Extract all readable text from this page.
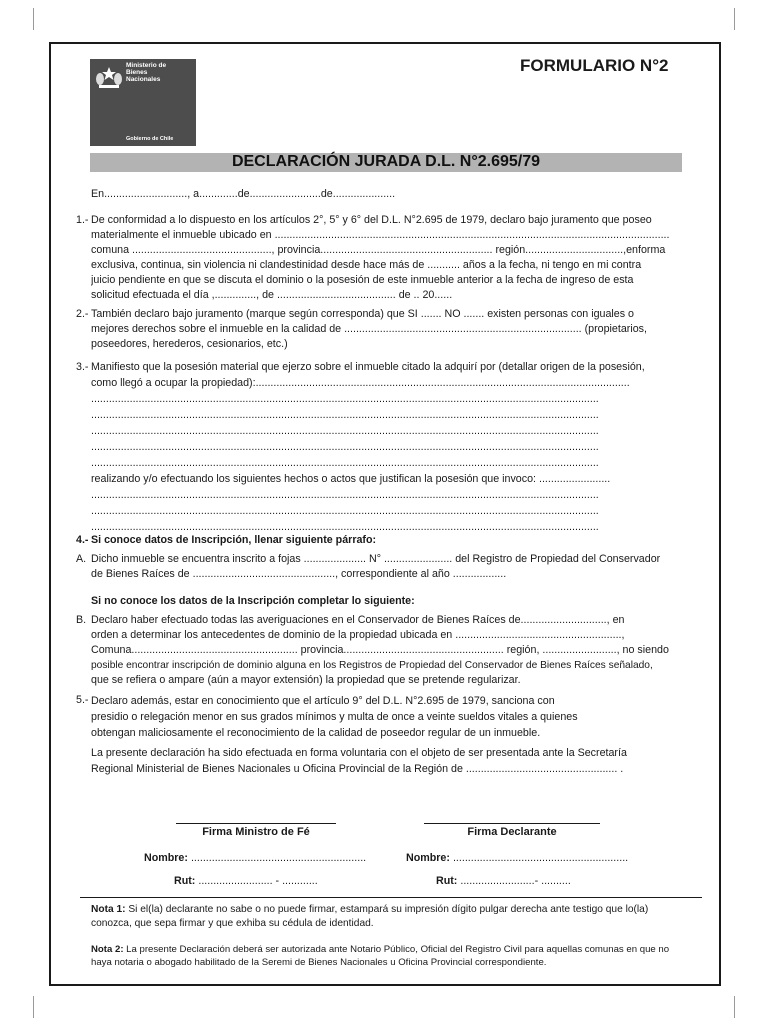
Ministerio de
Bienes
Nacionales
Gobierno de Chile
FORMULARIO N°2
DECLARACIÓN JURADA D.L. N°2.695/79
En............................, a.............de........................de.....................
1.- De conformidad a lo dispuesto en los artículos 2°, 5° y 6° del D.L. N°2.695 de 1979, declaro bajo juramento que poseo
materialmente el inmueble ubicado en .....................................................................................................................................
comuna ..............................................., provincia.......................................................... región.................................,enforma
exclusiva, continua, sin violencia ni clandestinidad desde hace más de ........... años a la fecha, ni tengo en mi contra
juicio pendiente en que se discuta el dominio o la posesión de este inmueble anterior a la fecha de ingreso de esta
solicitud efectuada el día ,.............., de ........................................ de .. 20......
2.- También declaro bajo juramento (marque según corresponda) que SI ....... NO ....... existen personas con iguales o
mejores derechos sobre el inmueble en la calidad de ................................................................................ (propietarios,
poseedores, herederos, cesionarios, etc.)
3.- Manifiesto que la posesión material que ejerzo sobre el inmueble citado la adquirí por (detallar origen de la posesión,
como llegó a ocupar la propiedad):..............................................................................................................................
...........................................................................................................................................................................
...........................................................................................................................................................................
...........................................................................................................................................................................
...........................................................................................................................................................................
...........................................................................................................................................................................
realizando y/o efectuando los siguientes hechos o actos que justifican la posesión que invoco: ........................
...........................................................................................................................................................................
...........................................................................................................................................................................
...........................................................................................................................................................................
4.- Si conoce datos de Inscripción, llenar siguiente párrafo:
A. Dicho inmueble se encuentra inscrito a fojas ..................... N° ....................... del Registro de Propiedad del Conservador
de Bienes Raíces de ................................................, correspondiente al año ..................
Si no conoce los datos de la Inscripción completar lo siguiente:
B. Declaro haber efectuado todas las averiguaciones en el Conservador de Bienes Raíces de............................., en
orden a determinar los antecedentes de dominio de la propiedad ubicada en ........................................................,
Comuna........................................................ provincia...................................................... región, ........................., no siendo
posible encontrar inscripción de dominio alguna en los Registros de Propiedad del Conservador de Bienes Raíces señalado,
que se refiera o ampare (aún a mayor extensión) la propiedad que se pretende regularizar.
5.- Declaro además, estar en conocimiento que el artículo 9° del D.L. N°2.695 de 1979, sanciona con
presidio o relegación menor en sus grados mínimos y multa de once a veinte sueldos vitales a quienes
obtengan maliciosamente el reconocimiento de la calidad de poseedor regular de un inmueble.
La presente declaración ha sido efectuada en forma voluntaria con el objeto de ser presentada ante la Secretaría
Regional Ministerial de Bienes Nacionales u Oficina Provincial de la Región de ................................................... .
Firma Ministro de Fé	Firma Declarante
Nombre: ...........................................................
Rut: ......................... - ............
Nombre: ...........................................................
Rut: .........................- ..........
Nota 1: Si el(la) declarante no sabe o no puede firmar, estampará su impresión dígito pulgar derecha ante testigo que lo(la) conozca, que sepa firmar y que exhiba su cédula de identidad.
Nota 2: La presente Declaración deberá ser autorizada ante Notario Público, Oficial del Registro Civil para aquellas comunas en que no haya notaria o abogado habilitado de la Seremi de Bienes Nacionales u Oficina Provincial correspondiente.
